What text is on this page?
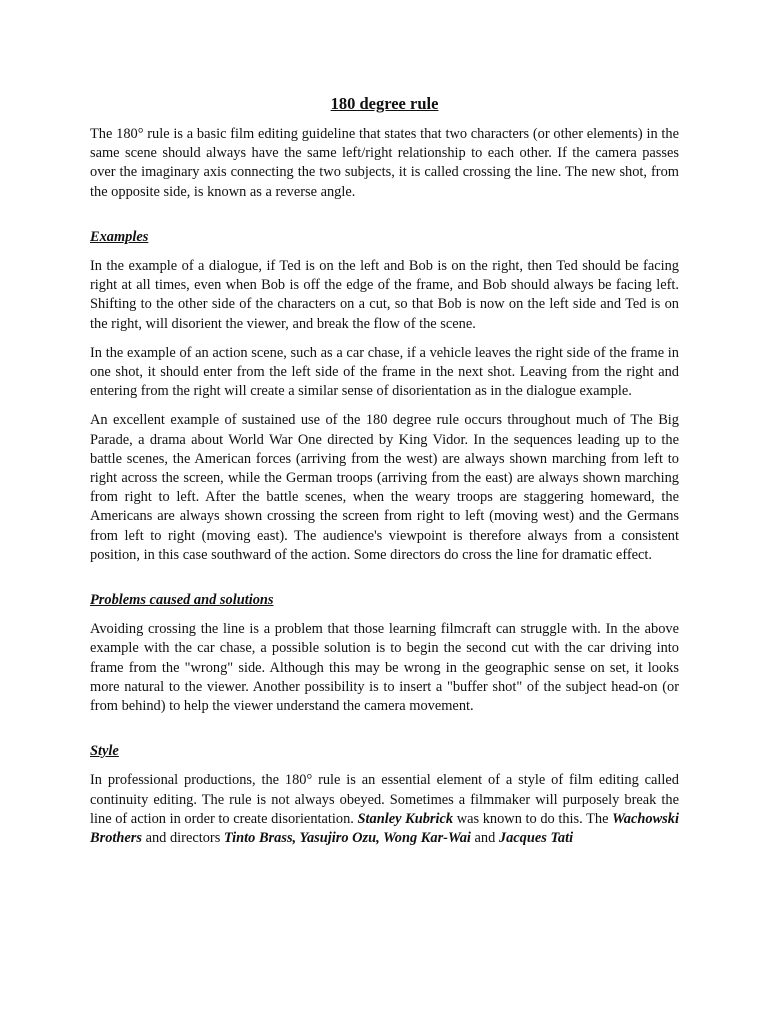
180 degree rule

The 180° rule is a basic film editing guideline that states that two characters (or other elements) in the same scene should always have the same left/right relationship to each other. If the camera passes over the imaginary axis connecting the two subjects, it is called crossing the line. The new shot, from the opposite side, is known as a reverse angle.

Examples

In the example of a dialogue, if Ted is on the left and Bob is on the right, then Ted should be facing right at all times, even when Bob is off the edge of the frame, and Bob should always be facing left. Shifting to the other side of the characters on a cut, so that Bob is now on the left side and Ted is on the right, will disorient the viewer, and break the flow of the scene.

In the example of an action scene, such as a car chase, if a vehicle leaves the right side of the frame in one shot, it should enter from the left side of the frame in the next shot. Leaving from the right and entering from the right will create a similar sense of disorientation as in the dialogue example.

An excellent example of sustained use of the 180 degree rule occurs throughout much of The Big Parade, a drama about World War One directed by King Vidor. In the sequences leading up to the battle scenes, the American forces (arriving from the west) are always shown marching from left to right across the screen, while the German troops (arriving from the east) are always shown marching from right to left. After the battle scenes, when the weary troops are staggering homeward, the Americans are always shown crossing the screen from right to left (moving west) and the Germans from left to right (moving east). The audience's viewpoint is therefore always from a consistent position, in this case southward of the action. Some directors do cross the line for dramatic effect.

Problems caused and solutions

Avoiding crossing the line is a problem that those learning filmcraft can struggle with. In the above example with the car chase, a possible solution is to begin the second cut with the car driving into frame from the "wrong" side. Although this may be wrong in the geographic sense on set, it looks more natural to the viewer. Another possibility is to insert a "buffer shot" of the subject head-on (or from behind) to help the viewer understand the camera movement.

Style

In professional productions, the 180° rule is an essential element of a style of film editing called continuity editing. The rule is not always obeyed. Sometimes a filmmaker will purposely break the line of action in order to create disorientation. Stanley Kubrick was known to do this. The Wachowski Brothers and directors Tinto Brass, Yasujiro Ozu, Wong Kar-Wai and Jacques Tati
